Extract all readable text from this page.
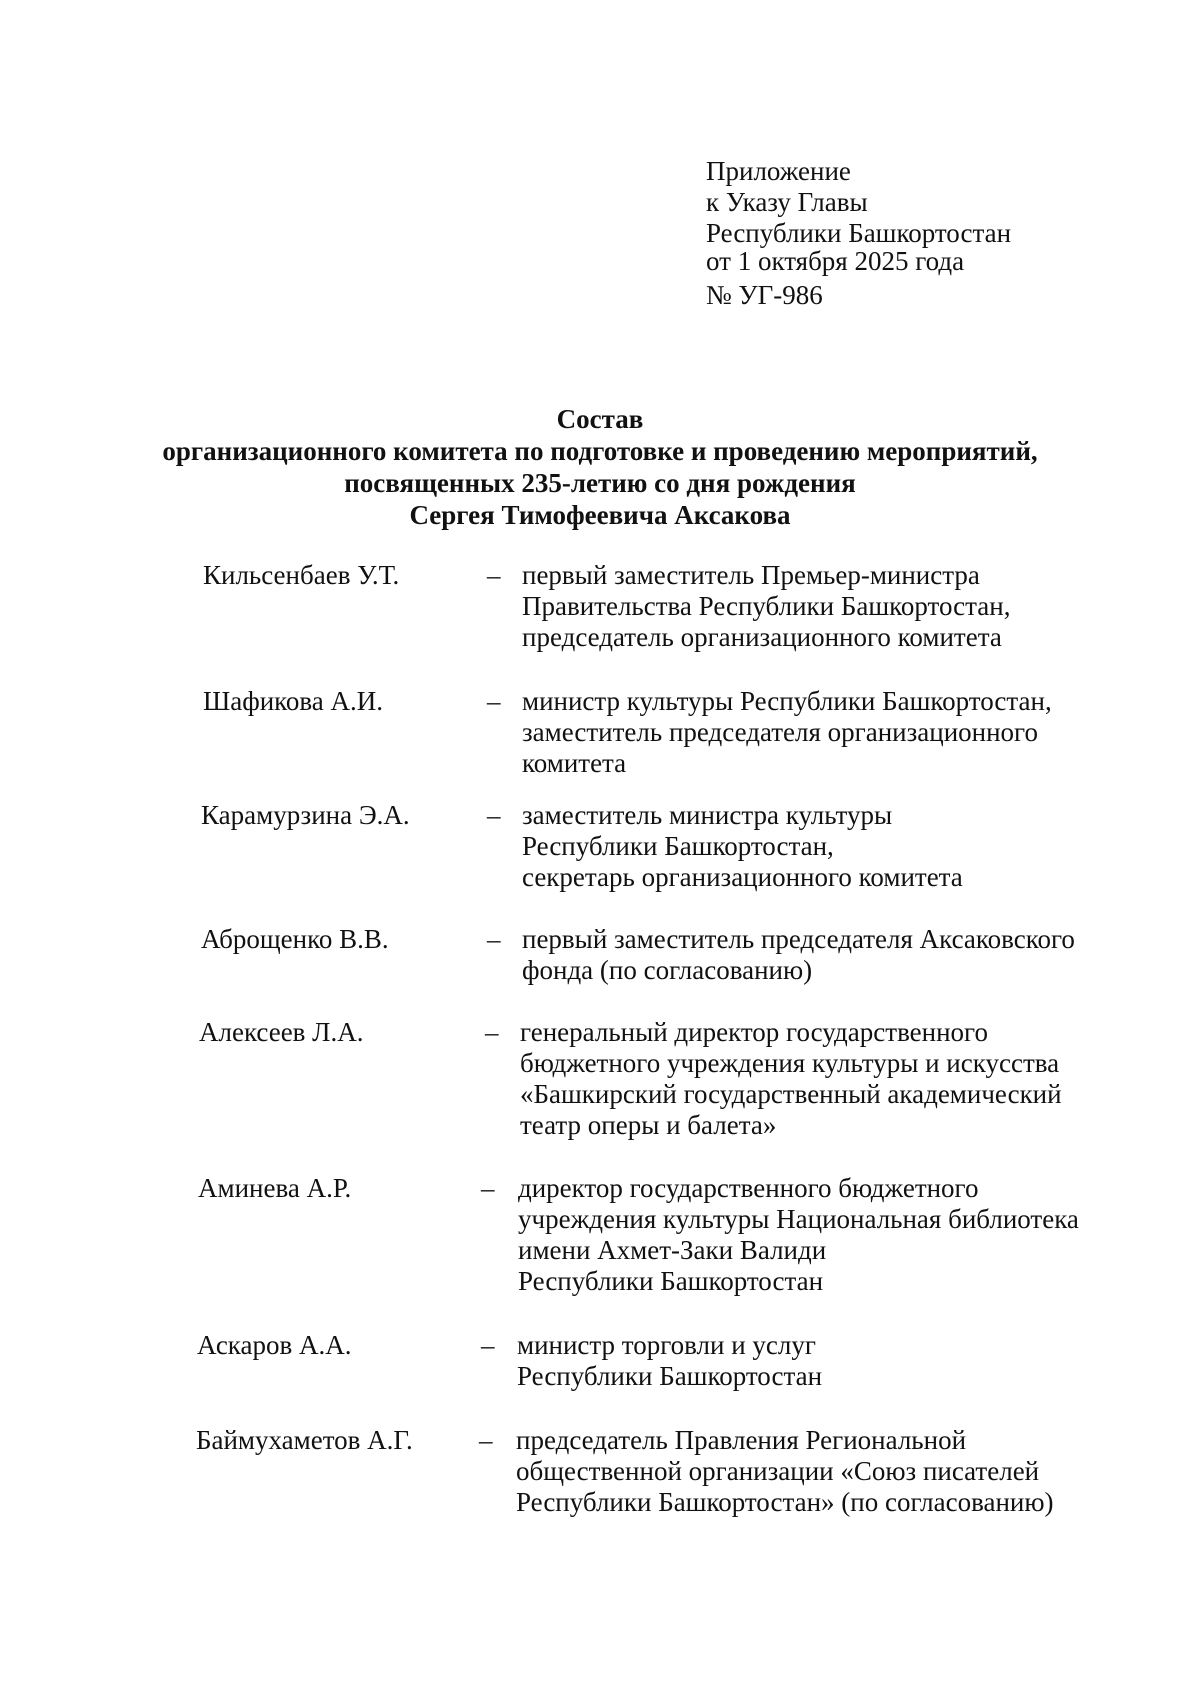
Приложение
к Указу Главы
Республики Башкортостан
от 1 октября 2025 года
№ УГ-986
Состав
организационного комитета по подготовке и проведению мероприятий,
посвященных 235-летию со дня рождения
Сергея Тимофеевича Аксакова
Кильсенбаев У.Т.	– первый заместитель Премьер-министра
Правительства Республики Башкортостан,
председатель организационного комитета
Шафикова А.И.	– министр культуры Республики Башкортостан,
заместитель председателя организационного
комитета
Карамурзина Э.А.	– заместитель министра культуры
Республики Башкортостан,
секретарь организационного комитета
Аброщенко В.В.	– первый заместитель председателя Аксаковского
фонда (по согласованию)
Алексеев Л.А.	– генеральный директор государственного
бюджетного учреждения культуры и искусства
«Башкирский государственный академический
театр оперы и балета»
Аминева А.Р.	– директор государственного бюджетного
учреждения культуры Национальная библиотека
имени Ахмет-Заки Валиди
Республики Башкортостан
Аскаров А.А.	– министр торговли и услуг
Республики Башкортостан
Баймухаметов А.Г. – председатель Правления Региональной
общественной организации «Союз писателей
Республики Башкортостан» (по согласованию)
